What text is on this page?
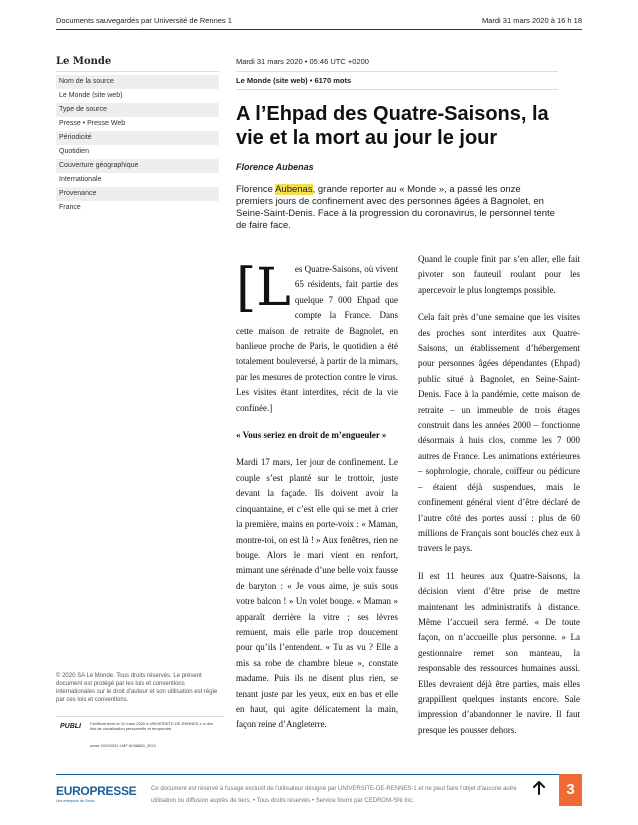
Documents sauvegardés par Université de Rennes 1	Mardi 31 mars 2020 à 16 h 18
Le Monde
Nom de la source
Le Monde (site web)
Type de source
Presse • Presse Web
Périodicité
Quotidien
Couverture géographique
Internationale
Provenance
France
Mardi 31 mars 2020 • 05:46 UTC +0200
Le Monde (site web) • 6170 mots
A l’Ehpad des Quatre-Saisons, la vie et la mort au jour le jour
Florence Aubenas

Florence Aubenas, grande reporter au « Monde », a passé les onze premiers jours de confinement avec des personnes âgées à Bagnolet, en Seine-Saint-Denis. Face à la progression du coronavirus, le personnel tente de faire face.

[Les Quatre-Saisons, où vivent 65 résidents, fait partie des quelque 7 000 Ehpad que compte la France. Dans cette maison de retraite de Bagnolet, en banlieue proche de Paris, le quotidien a été totalement bouleversé, à partir de la mimars, par les mesures de protection contre le virus. Les visites étant interdites, récit de la vie confinée.]

« Vous seriez en droit de m’engueuler »

Mardi 17 mars, 1er jour de confinement. Le couple s’est planté sur le trottoir, juste devant la façade. Ils doivent avoir la cinquantaine, et c’est elle qui se met à crier la première, mains en porte-voix : « Maman, montre-toi, on est là ! » Aux fenêtres, rien ne bouge. Alors le mari vient en renfort, mimant une sérénade d’une belle voix fausse de baryton : « Je vous aime, je suis sous votre balcon ! » Un volet bouge. « Maman » apparaît derrière la vitre ; ses lèvres remuent, mais elle parle trop doucement pour qu’ils l’entendent. « Tu as vu ? Elle a mis sa robe de chambre bleue », constate madame. Puis ils ne disent plus rien, se tenant juste par les yeux, eux en bas et elle en haut, qui agite délicatement la main, façon reine d’Angleterre.

Quand le couple finit par s’en aller, elle fait pivoter son fauteuil roulant pour les apercevoir le plus longtemps possible.

Cela fait près d’une semaine que les visites des proches sont interdites aux Quatre-Saisons, un établissement d’hébergement pour personnes âgées dépendantes (Ehpad) public situé à Bagnolet, en Seine-Saint-Denis. Face à la pandémie, cette maison de retraite – un immeuble de trois étages construit dans les années 2000 – fonctionne désormais à huis clos, comme les 7 000 autres de France. Les animations extérieures – sophrologie, chorale, coiffeur ou pédicure – étaient déjà suspendues, mais le confinement général vient d’être déclaré de l’autre côté des portes aussi : plus de 60 millions de Français sont bouclés chez eux à travers le pays.

Il est 11 heures aux Quatre-Saisons, la décision vient d’être prise de mettre maintenant les administratifs à distance. Même l’accueil sera fermé. « De toute façon, on n’accueille plus personne. » La gestionnaire remet son manteau, la responsable des ressources humaines aussi. Elles devraient déjà être parties, mais elles grappillent quelques instants encore. Sale impression d’abandonner le navire. Il faut presque les pousser dehors.

© 2020 SA Le Monde. Tous droits réservés. Le présent document est protégé par les lois et conventions internationales sur le droit d'auteur et son utilisation est régie par ces lois et conventions.
PUBLI Certificat émis le 31 mars 2020 à UNIVERSITE-DE-RENNES-1 à des fins de visualisation personnelle et temporaire.
news·20200331·LMF·6036860_3224
EUROPRESSE
Une entreprise de Cision
Ce document est réservé à l'usage exclusif de l'utilisateur désigné par UNIVERSITE-DE-RENNES-1 et ne peut faire l'objet d'aucune autre utilisation ou diffusion auprès de tiers. • Tous droits réservés • Service fourni par CEDROM-SNi Inc.
3
